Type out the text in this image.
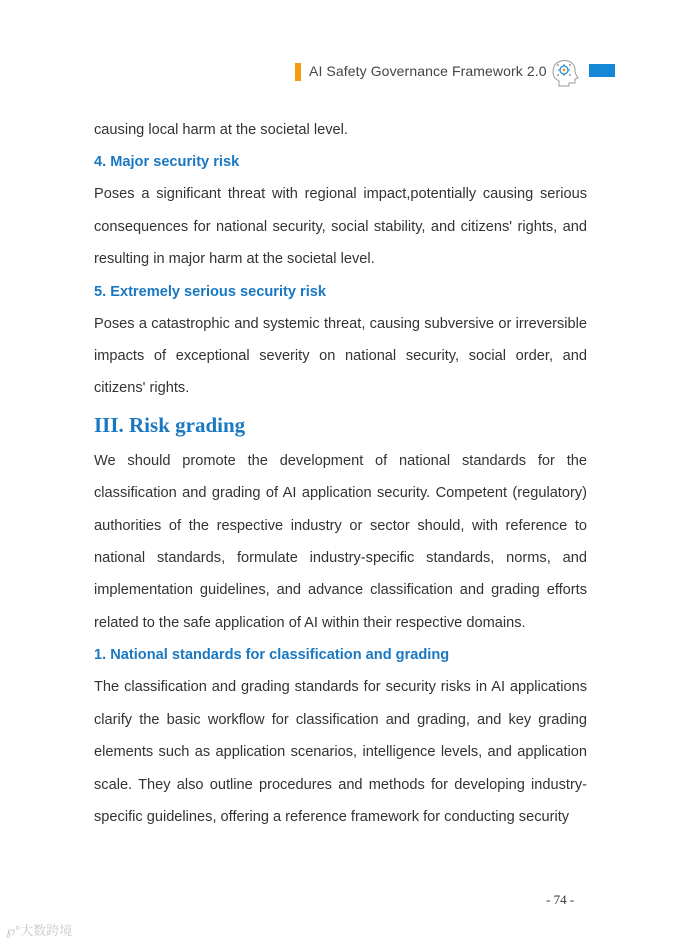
AI Safety Governance Framework 2.0

causing local harm at the societal level.

4. Major security risk

Poses a significant threat with regional impact,potentially causing serious consequences for national security, social stability, and citizens' rights, and resulting in major harm at the societal level.

5. Extremely serious security risk

Poses a catastrophic and systemic threat, causing subversive or irreversible impacts of exceptional severity on national security, social order, and citizens' rights.

III. Risk grading

We should promote the development of national standards for the classification and grading of AI application security. Competent (regulatory) authorities of the respective industry or sector should, with reference to national standards, formulate industry-specific standards, norms, and implementation guidelines, and advance classification and grading efforts related to the safe application of AI within their respective domains.

1. National standards for classification and grading

The classification and grading standards for security risks in AI applications clarify the basic workflow for classification and grading, and key grading elements such as application scenarios, intelligence levels, and application scale. They also outline procedures and methods for developing industry-specific guidelines, offering a reference framework for conducting security

- 74 -
℘°大数跨境
